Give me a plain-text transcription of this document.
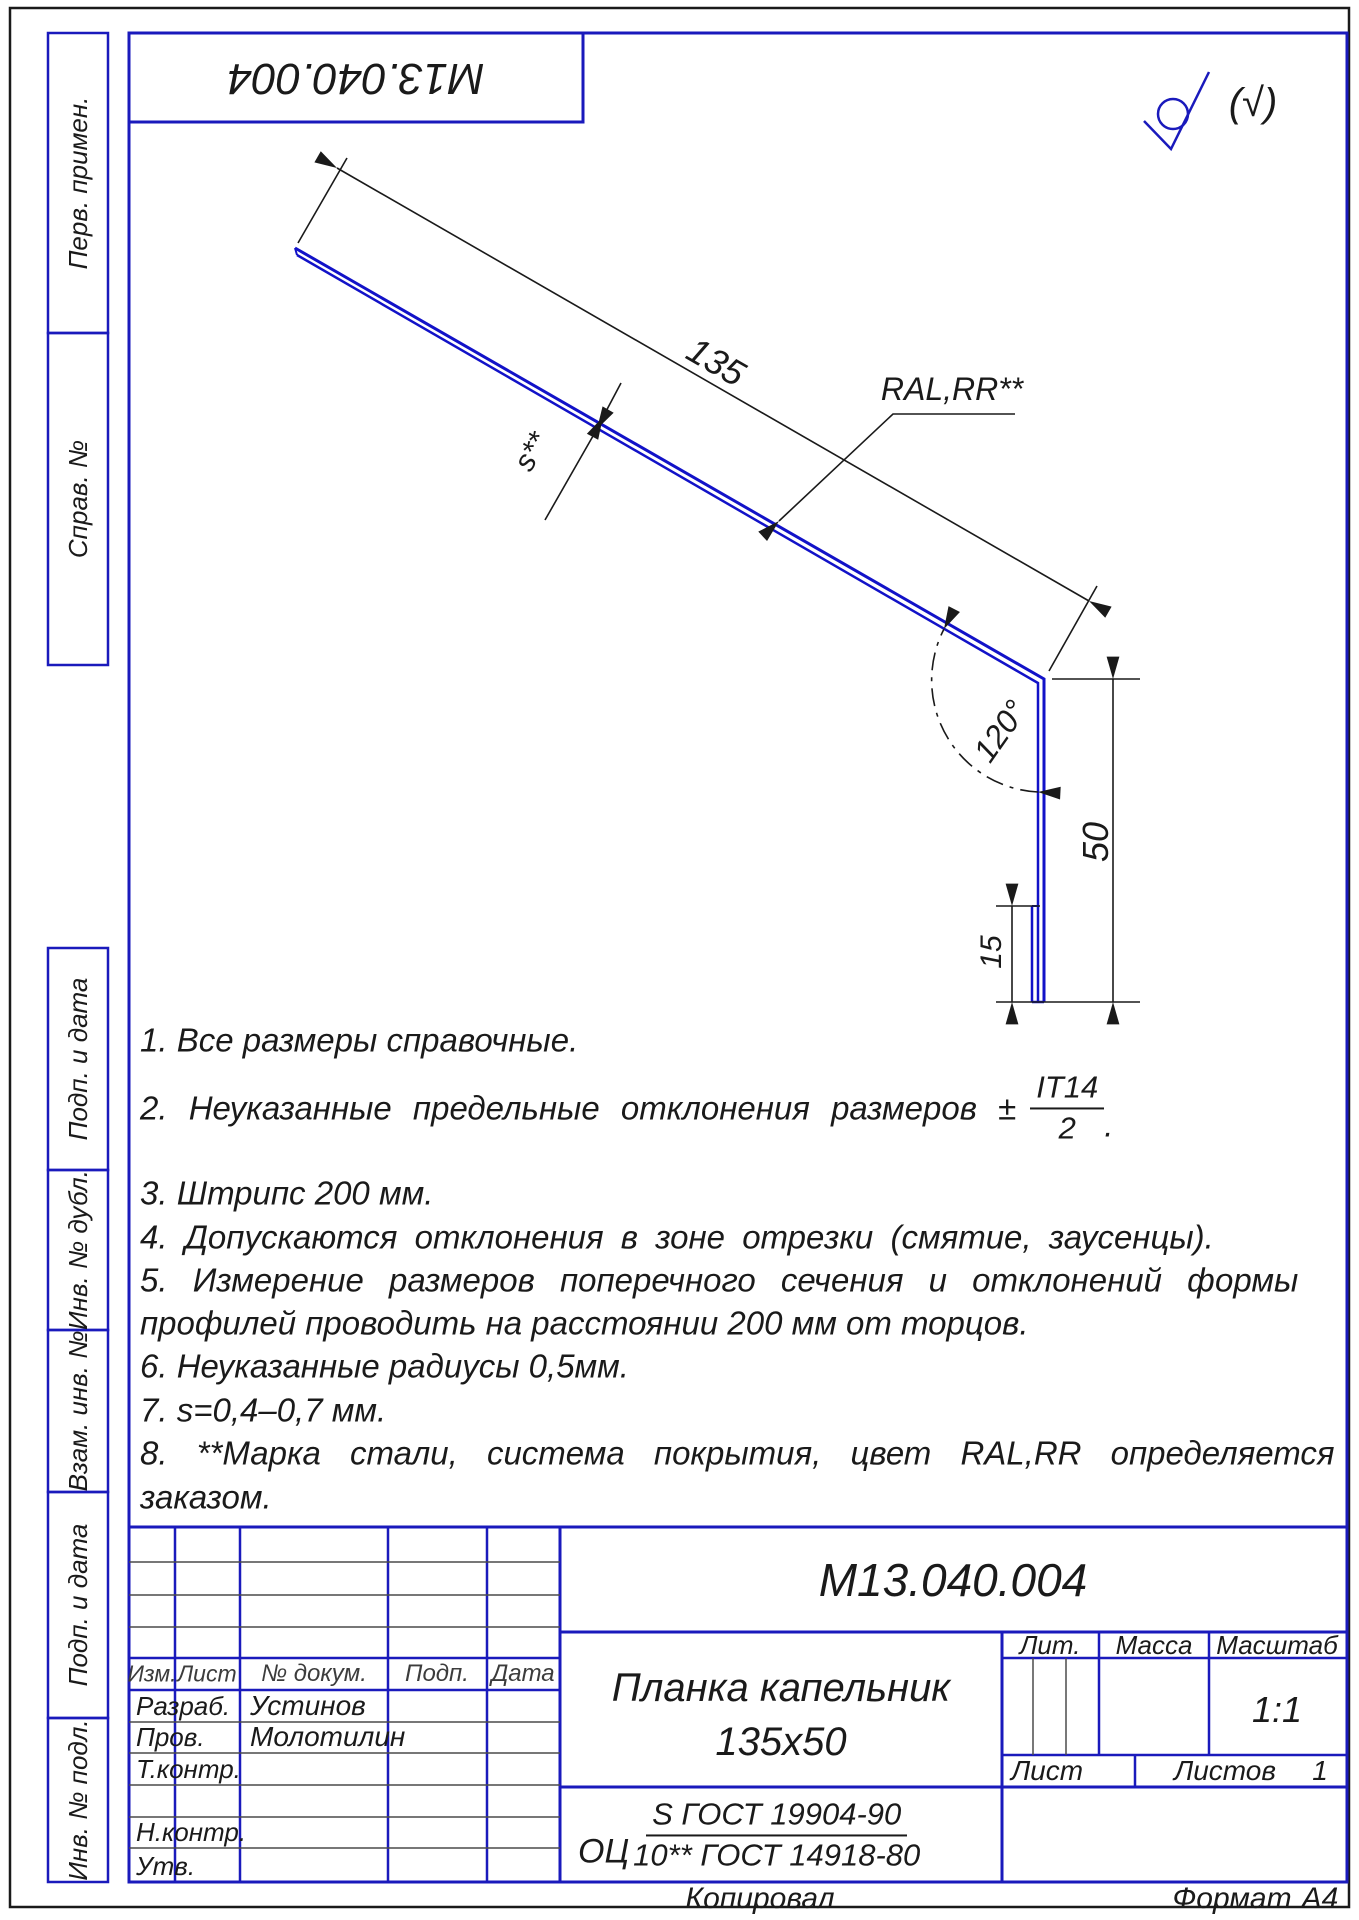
М13.040.004	(√)
135
s**
RAL,RR**
120°
50
15
Перв. примен.
Справ. №
Подп. и дата
Инв. № дубл.
Взам. инв. №
Подп. и дата
Инв. № подл.
1. Все размеры справочные.
2. Неуказанные предельные отклонения размеров ± $\frac{IT14}{2}$ .
3. Штрипс 200 мм.
4. Допускаются отклонения в зоне отрезки (смятие, заусенцы).
5. Измерение размеров поперечного сечения и отклонений формы
профилей проводить на расстоянии 200 мм от торцов.
6. Неуказанные радиусы 0,5мм.
7. s=0,4–0,7 мм.
8. **Марка стали, система покрытия, цвет RAL,RR определяется
заказом.
М13.040.004
Планка капельник
135x50
ОЦ $\frac{\text{S ГОСТ 19904-90}}{\text{10** ГОСТ 14918-80}}$
Изм. Лист № докум. Подп. Дата
Разраб. Устинов
Пров. Молотилин
Т.контр.
Н.контр.
Утв.
Лит. Масса Масштаб
1:1
Лист	Листов 1
Копировал	Формат А4
